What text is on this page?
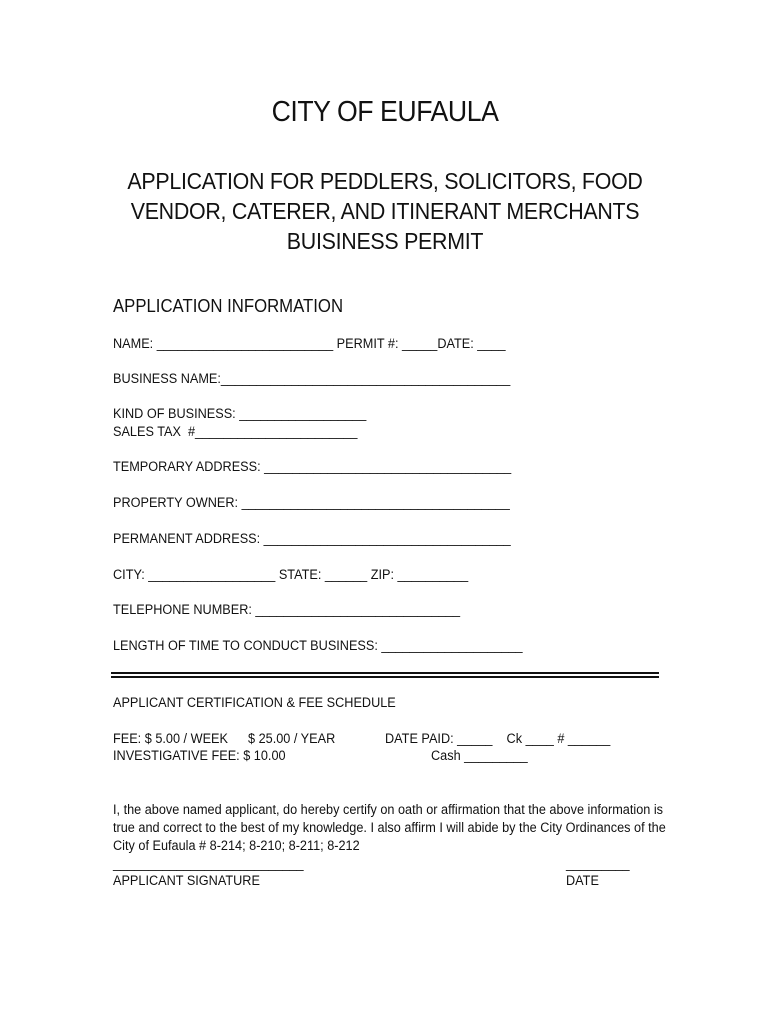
CITY OF EUFAULA
APPLICATION FOR PEDDLERS, SOLICITORS, FOOD
VENDOR, CATERER, AND ITINERANT MERCHANTS
BUISINESS PERMIT
APPLICATION INFORMATION
NAME: _________________________ PERMIT #: _____DATE: ____
BUSINESS NAME:_________________________________________
KIND OF BUSINESS: __________________
SALES TAX  #_______________________
TEMPORARY ADDRESS: ___________________________________
PROPERTY OWNER: ______________________________________
PERMANENT ADDRESS: ___________________________________
CITY: __________________ STATE: ______ ZIP: __________
TELEPHONE NUMBER: _____________________________
LENGTH OF TIME TO CONDUCT BUSINESS: ____________________
APPLICANT CERTIFICATION & FEE SCHEDULE
FEE: $ 5.00 / WEEK $ 25.00 / YEAR	DATE PAID: _____    Ck ____ # ______
INVESTIGATIVE FEE: $ 10.00	Cash _________
I, the above named applicant, do hereby certify on oath or affirmation that the above information is
true and correct to the best of my knowledge. I also affirm I will abide by the City Ordinances of the
City of Eufaula # 8-214; 8-210; 8-211; 8-212
___________________________
APPLICANT SIGNATURE
_________
DATE
